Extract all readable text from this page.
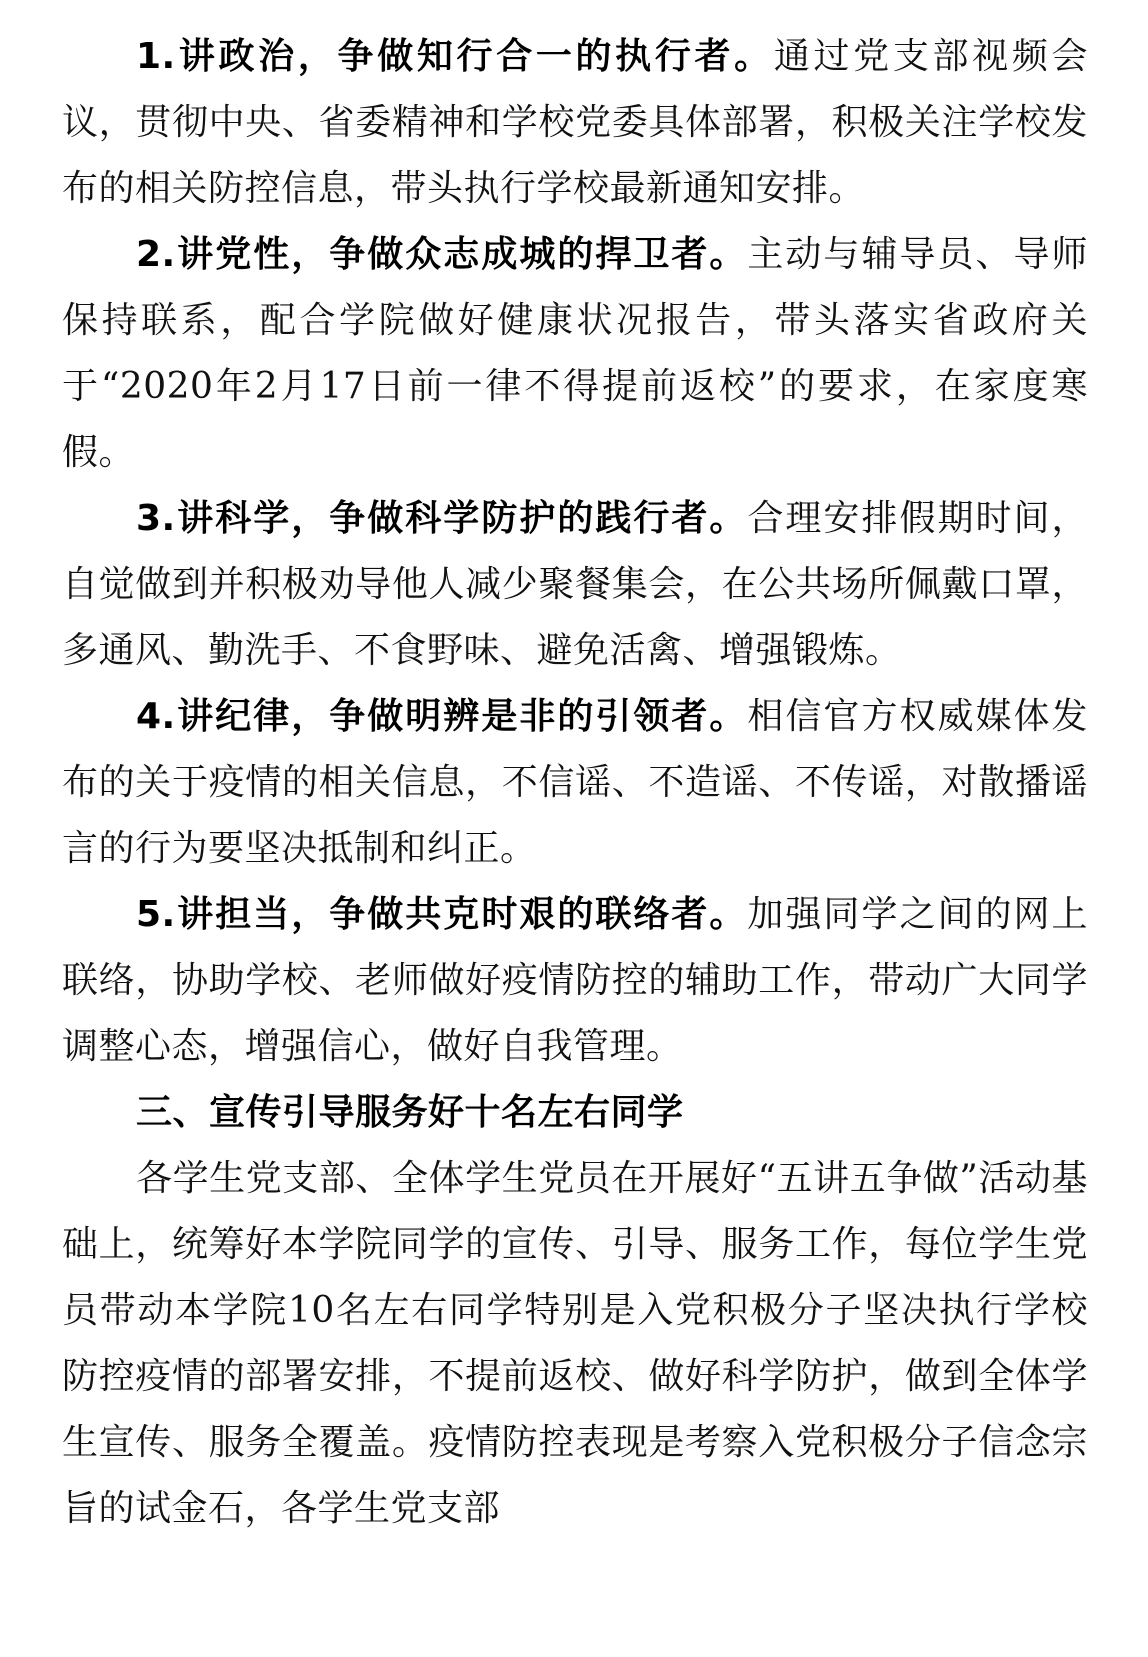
1.讲政治，争做知行合一的执行者。通过党支部视频会议，贯彻中央、省委精神和学校党委具体部署，积极关注学校发布的相关防控信息，带头执行学校最新通知安排。

2.讲党性，争做众志成城的捍卫者。主动与辅导员、导师保持联系，配合学院做好健康状况报告，带头落实省政府关于“2020年2月17日前一律不得提前返校”的要求，在家度寒假。

3.讲科学，争做科学防护的践行者。合理安排假期时间，自觉做到并积极劝导他人减少聚餐集会，在公共场所佩戴口罩，多通风、勤洗手、不食野味、避免活禽、增强锻炼。

4.讲纪律，争做明辨是非的引领者。相信官方权威媒体发布的关于疫情的相关信息，不信谣、不造谣、不传谣，对散播谣言的行为要坚决抵制和纠正。

5.讲担当，争做共克时艰的联络者。加强同学之间的网上联络，协助学校、老师做好疫情防控的辅助工作，带动广大同学调整心态，增强信心，做好自我管理。

三、宣传引导服务好十名左右同学

各学生党支部、全体学生党员在开展好“五讲五争做”活动基础上，统筹好本学院同学的宣传、引导、服务工作，每位学生党员带动本学院10名左右同学特别是入党积极分子坚决执行学校防控疫情的部署安排，不提前返校、做好科学防护，做到全体学生宣传、服务全覆盖。疫情防控表现是考察入党积极分子信念宗旨的试金石，各学生党支部
